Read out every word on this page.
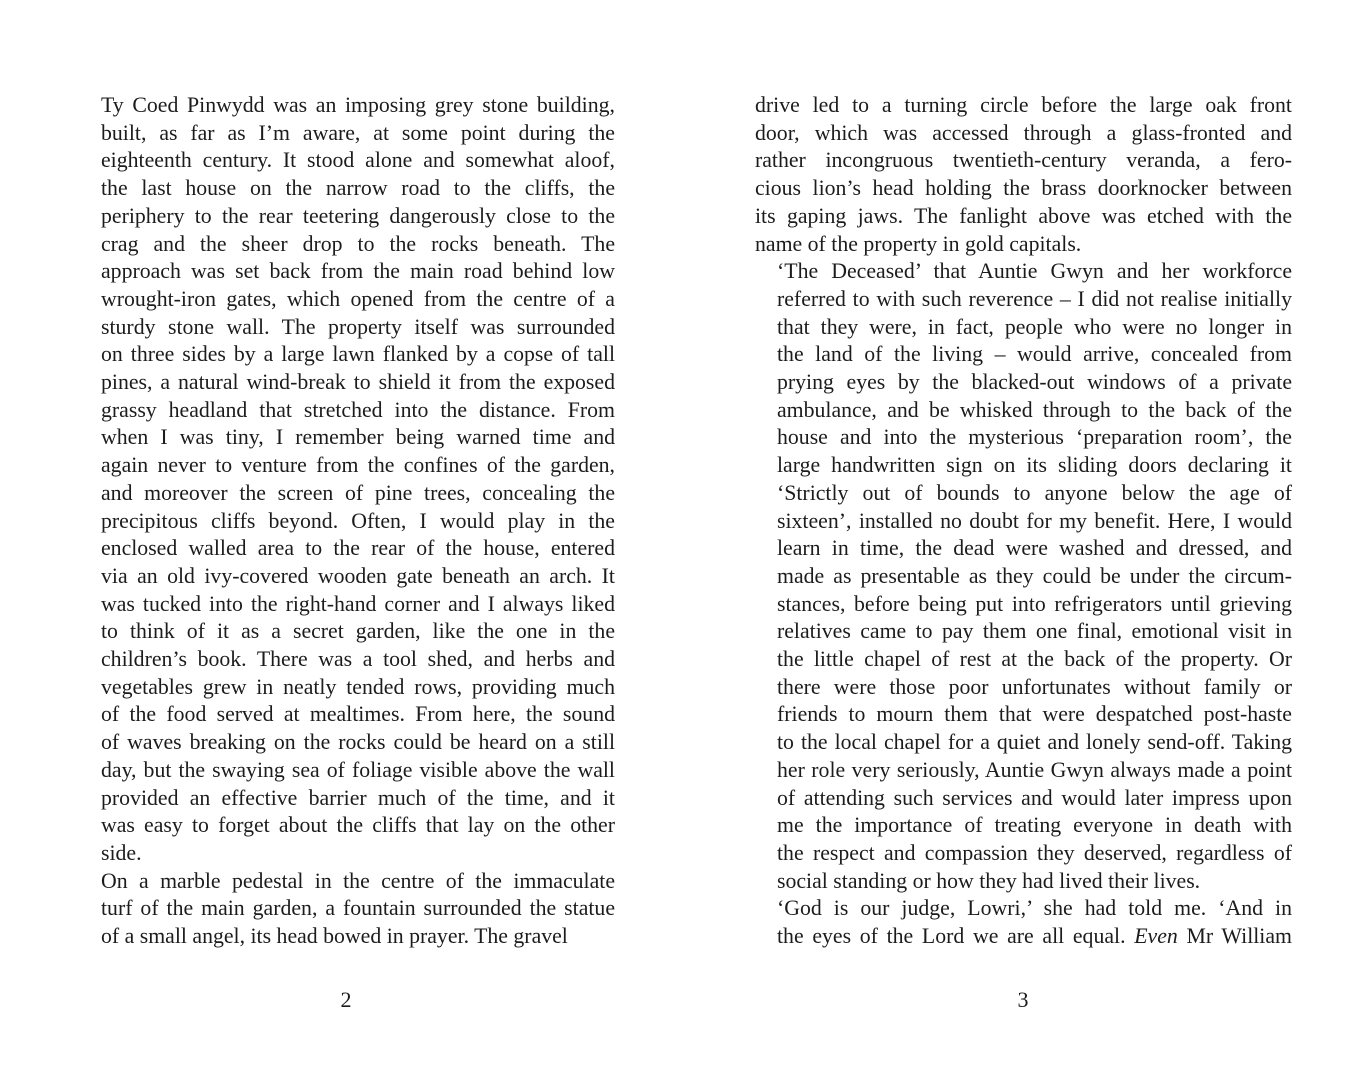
Ty Coed Pinwydd was an imposing grey stone building,
built, as far as I’m aware, at some point during the
eighteenth century. It stood alone and somewhat aloof,
the last house on the narrow road to the cliffs, the
periphery to the rear teetering dangerously close to the
crag and the sheer drop to the rocks beneath. The
approach was set back from the main road behind low
wrought-iron gates, which opened from the centre of a
sturdy stone wall. The property itself was surrounded
on three sides by a large lawn flanked by a copse of tall
pines, a natural wind-break to shield it from the exposed
grassy headland that stretched into the distance. From
when I was tiny, I remember being warned time and
again never to venture from the confines of the garden,
and moreover the screen of pine trees, concealing the
precipitous cliffs beyond. Often, I would play in the
enclosed walled area to the rear of the house, entered
via an old ivy-covered wooden gate beneath an arch. It
was tucked into the right-hand corner and I always liked
to think of it as a secret garden, like the one in the
children’s book. There was a tool shed, and herbs and
vegetables grew in neatly tended rows, providing much
of the food served at mealtimes. From here, the sound
of waves breaking on the rocks could be heard on a still
day, but the swaying sea of foliage visible above the wall
provided an effective barrier much of the time, and it
was easy to forget about the cliffs that lay on the other
side.

On a marble pedestal in the centre of the immaculate
turf of the main garden, a fountain surrounded the statue
of a small angel, its head bowed in prayer. The gravel

2

drive led to a turning circle before the large oak front
door, which was accessed through a glass-fronted and
rather incongruous twentieth-century veranda, a fero-
cious lion’s head holding the brass doorknocker between
its gaping jaws. The fanlight above was etched with the
name of the property in gold capitals.

‘The Deceased’ that Auntie Gwyn and her workforce
referred to with such reverence – I did not realise initially
that they were, in fact, people who were no longer in
the land of the living – would arrive, concealed from
prying eyes by the blacked-out windows of a private
ambulance, and be whisked through to the back of the
house and into the mysterious ‘preparation room’, the
large handwritten sign on its sliding doors declaring it
‘Strictly out of bounds to anyone below the age of
sixteen’, installed no doubt for my benefit. Here, I would
learn in time, the dead were washed and dressed, and
made as presentable as they could be under the circum-
stances, before being put into refrigerators until grieving
relatives came to pay them one final, emotional visit in
the little chapel of rest at the back of the property. Or
there were those poor unfortunates without family or
friends to mourn them that were despatched post-haste
to the local chapel for a quiet and lonely send-off. Taking
her role very seriously, Auntie Gwyn always made a point
of attending such services and would later impress upon
me the importance of treating everyone in death with
the respect and compassion they deserved, regardless of
social standing or how they had lived their lives.

‘God is our judge, Lowri,’ she had told me. ‘And in
the eyes of the Lord we are all equal. Even Mr William

3
